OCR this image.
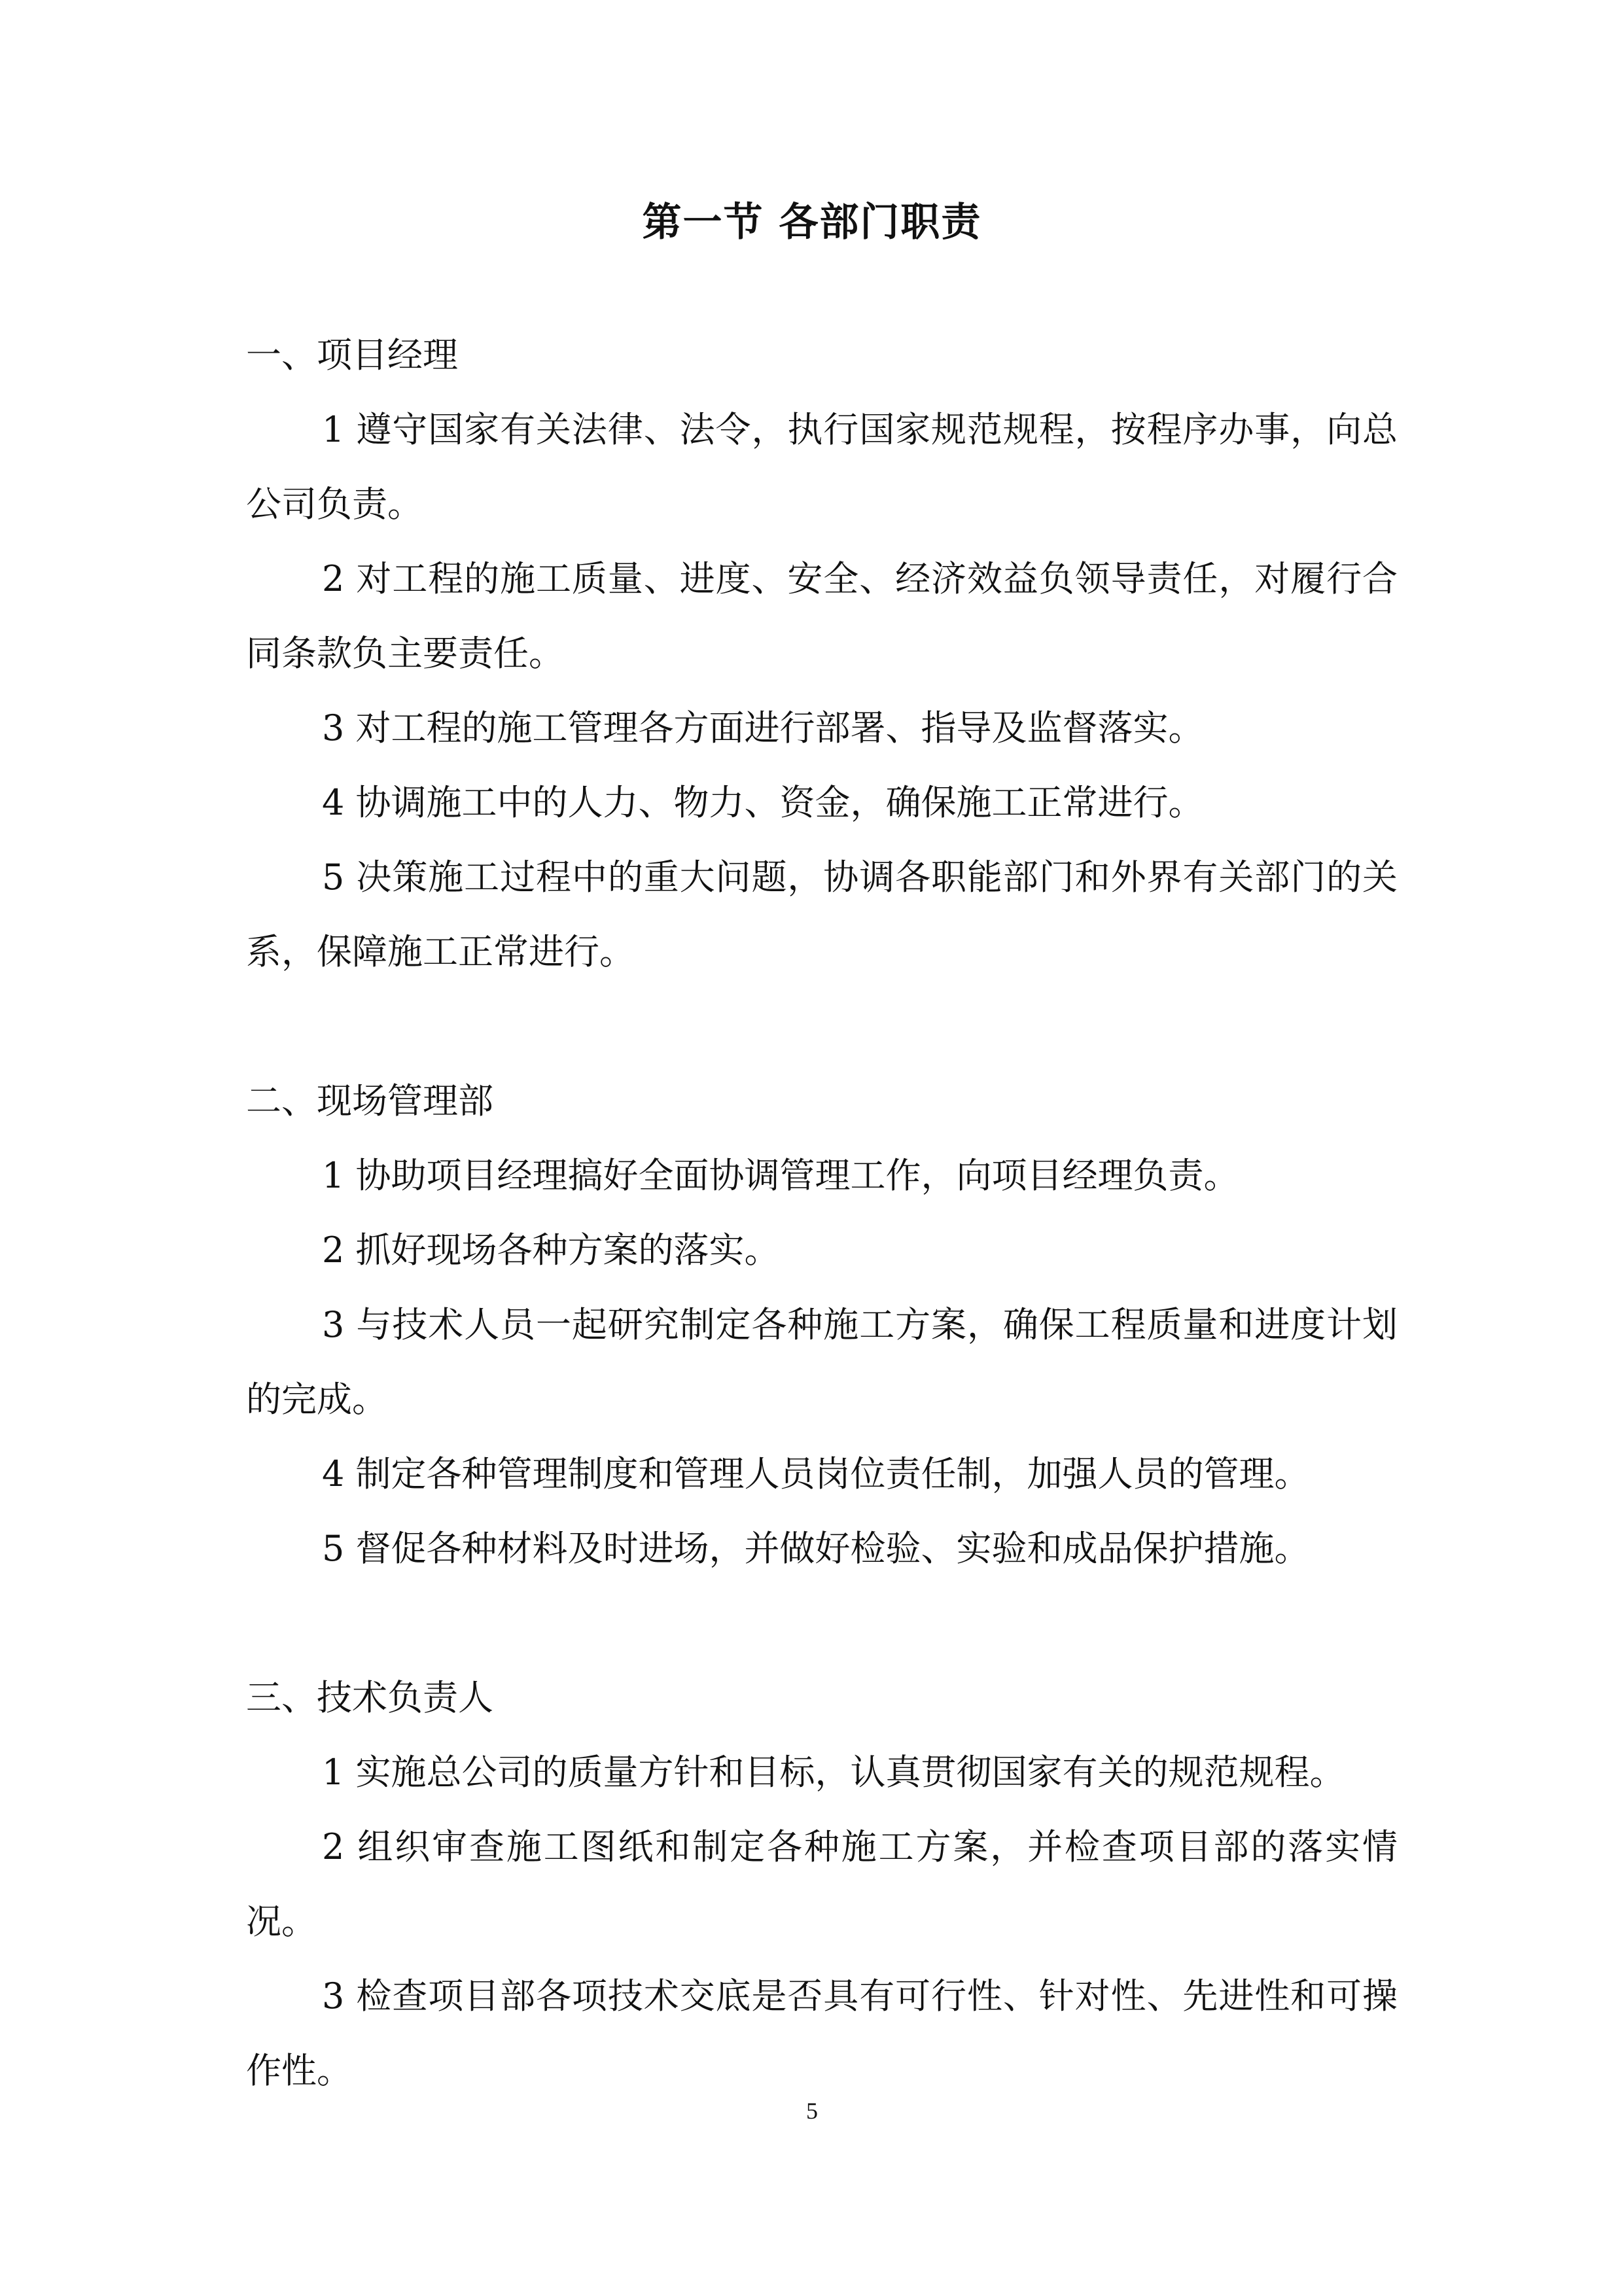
第一节 各部门职责

一、项目经理

1 遵守国家有关法律、法令，执行国家规范规程，按程序办事，向总公司负责。

2 对工程的施工质量、进度、安全、经济效益负领导责任，对履行合同条款负主要责任。

3 对工程的施工管理各方面进行部署、指导及监督落实。

4 协调施工中的人力、物力、资金，确保施工正常进行。

5 决策施工过程中的重大问题，协调各职能部门和外界有关部门的关系，保障施工正常进行。

二、现场管理部

1 协助项目经理搞好全面协调管理工作，向项目经理负责。

2 抓好现场各种方案的落实。

3 与技术人员一起研究制定各种施工方案，确保工程质量和进度计划的完成。

4 制定各种管理制度和管理人员岗位责任制，加强人员的管理。

5 督促各种材料及时进场，并做好检验、实验和成品保护措施。

三、技术负责人

1 实施总公司的质量方针和目标，认真贯彻国家有关的规范规程。

2 组织审查施工图纸和制定各种施工方案，并检查项目部的落实情况。

3 检查项目部各项技术交底是否具有可行性、针对性、先进性和可操作性。

5
